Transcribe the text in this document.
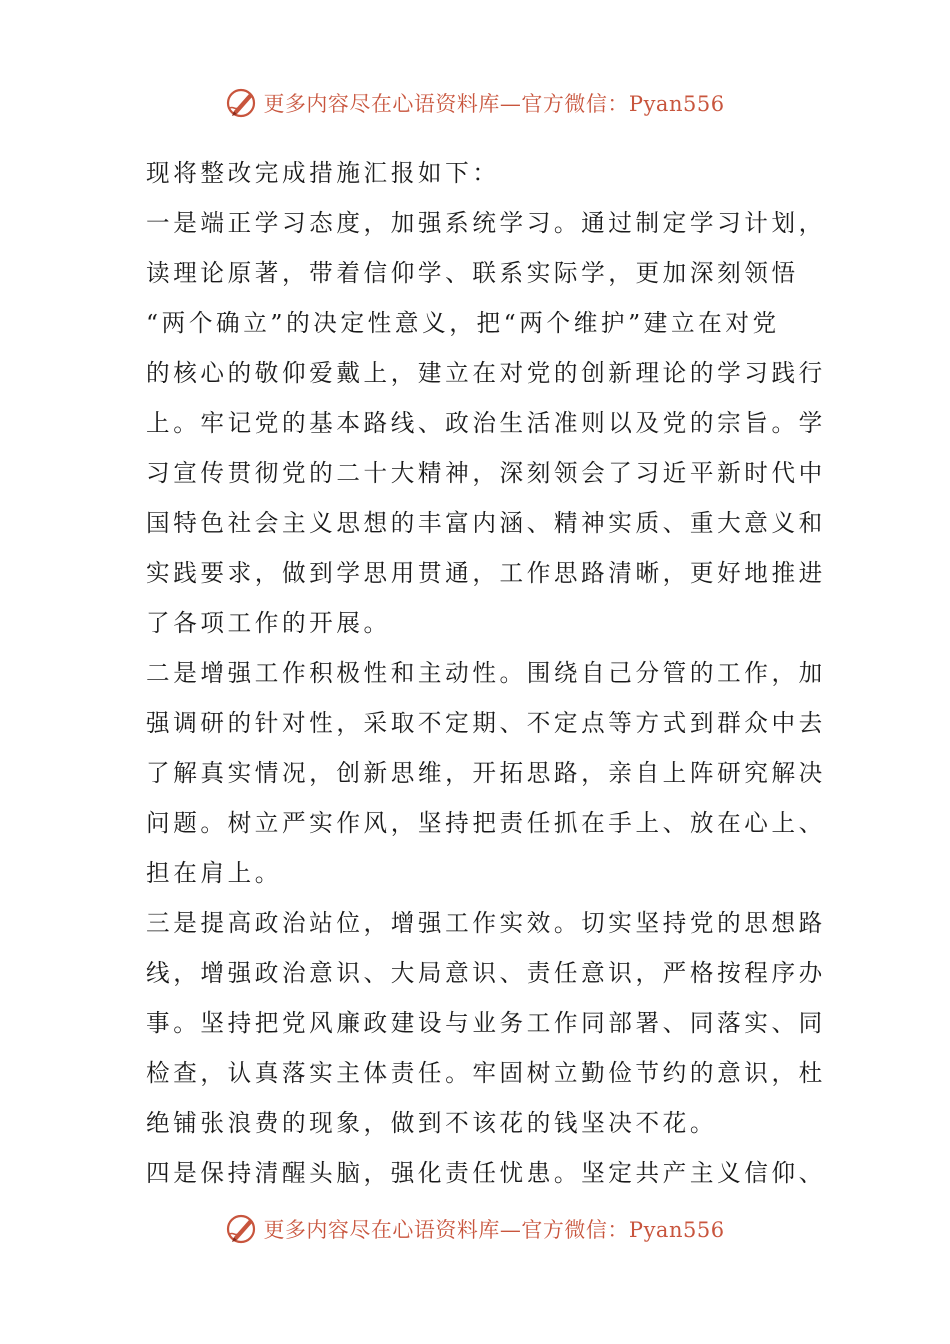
更多内容尽在心语资料库—官方微信：Pyan556
现将整改完成措施汇报如下：
一是端正学习态度，加强系统学习。通过制定学习计划，
读理论原著，带着信仰学、联系实际学，更加深刻领悟
“两个确立”的决定性意义，把“两个维护”建立在对党
的核心的敬仰爱戴上，建立在对党的创新理论的学习践行
上。牢记党的基本路线、政治生活准则以及党的宗旨。学
习宣传贯彻党的二十大精神，深刻领会了习近平新时代中
国特色社会主义思想的丰富内涵、精神实质、重大意义和
实践要求，做到学思用贯通，工作思路清晰，更好地推进
了各项工作的开展。
二是增强工作积极性和主动性。围绕自己分管的工作，加
强调研的针对性，采取不定期、不定点等方式到群众中去
了解真实情况，创新思维，开拓思路，亲自上阵研究解决
问题。树立严实作风，坚持把责任抓在手上、放在心上、
担在肩上。
三是提高政治站位，增强工作实效。切实坚持党的思想路
线，增强政治意识、大局意识、责任意识，严格按程序办
事。坚持把党风廉政建设与业务工作同部署、同落实、同
检查，认真落实主体责任。牢固树立勤俭节约的意识，杜
绝铺张浪费的现象，做到不该花的钱坚决不花。
四是保持清醒头脑，强化责任忧患。坚定共产主义信仰、
更多内容尽在心语资料库—官方微信：Pyan556
